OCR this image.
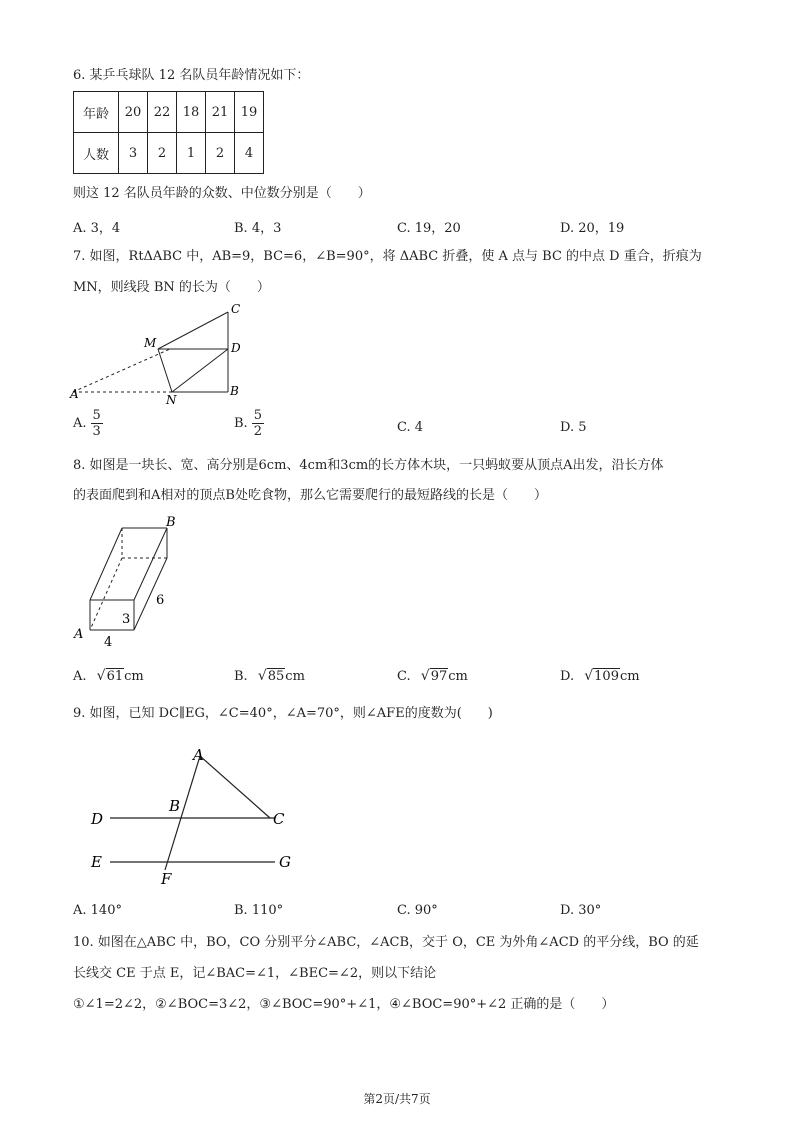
6. 某乒乓球队 12 名队员年龄情况如下：
年龄	20	22	18	21	19
人数	3	2	1	2	4
则这 12 名队员年龄的众数、中位数分别是（　　）
A. 3，4	B. 4，3	C. 19，20	D. 20，19
7. 如图，RtΔABC 中，AB=9，BC=6，∠B=90°，将 ΔABC 折叠，使 A 点与 BC 的中点 D 重合，折痕为
MN，则线段 BN 的长为（　　）
C
M	D
A	N
B
A. $\frac{5}{3}$	B. $\frac{5}{2}$	C. 4	D. 5
8. 如图是一块长、宽、高分别是6cm、4cm和3cm的长方体木块，一只蚂蚁要从顶点A出发，沿长方体
的表面爬到和A相对的顶点B处吃食物，那么它需要爬行的最短路线的长是（　　）
B
A
6
3
4
A. √61cm	B. √85cm	C. √97cm	D. √109cm
9. 如图，已知 DC∥EG，∠C=40°，∠A=70°，则∠AFE的度数为(　　)
A
B
C
D
E
F
G
A. 140°	B. 110°	C. 90°	D. 30°
10. 如图在△ABC 中，BO，CO 分别平分∠ABC，∠ACB，交于 O，CE 为外角∠ACD 的平分线，BO 的延
长线交 CE 于点 E，记∠BAC=∠1，∠BEC=∠2，则以下结论
①∠1=2∠2，②∠BOC=3∠2，③∠BOC=90°+∠1，④∠BOC=90°+∠2 正确的是（　　）
第2页/共7页
